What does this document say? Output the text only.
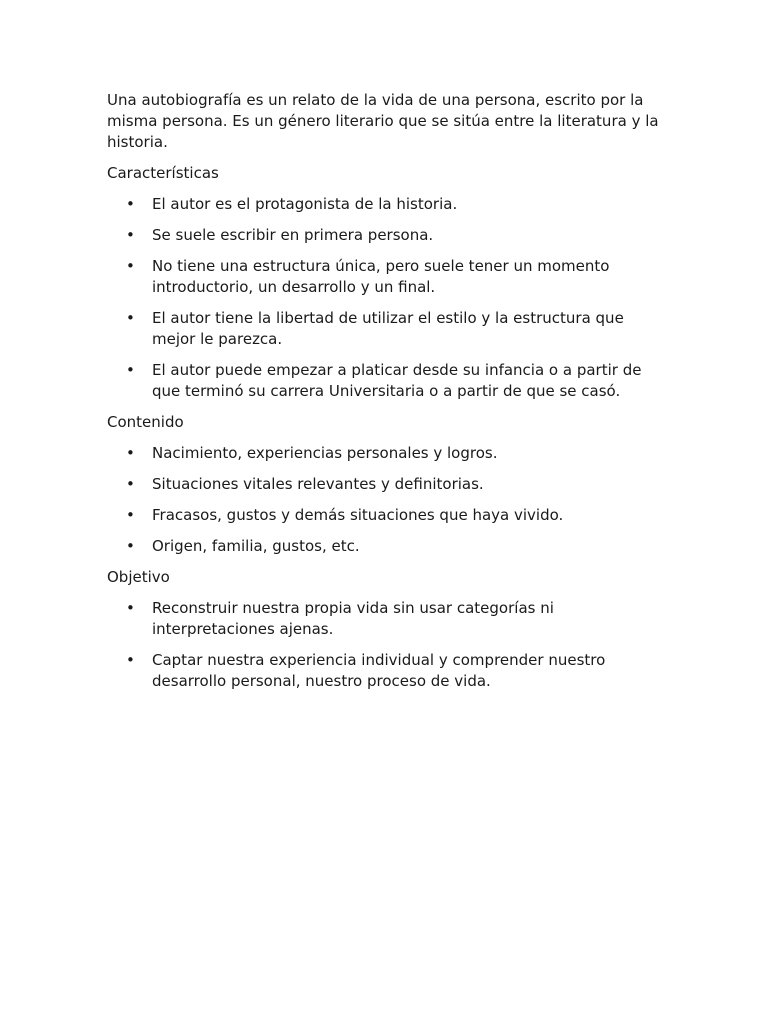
Una autobiografía es un relato de la vida de una persona, escrito por la misma persona. Es un género literario que se sitúa entre la literatura y la historia.

Características

• El autor es el protagonista de la historia.
• Se suele escribir en primera persona.
• No tiene una estructura única, pero suele tener un momento introductorio, un desarrollo y un final.
• El autor tiene la libertad de utilizar el estilo y la estructura que mejor le parezca.
• El autor puede empezar a platicar desde su infancia o a partir de que terminó su carrera Universitaria o a partir de que se casó.

Contenido

• Nacimiento, experiencias personales y logros.
• Situaciones vitales relevantes y definitorias.
• Fracasos, gustos y demás situaciones que haya vivido.
• Origen, familia, gustos, etc.

Objetivo

• Reconstruir nuestra propia vida sin usar categorías ni interpretaciones ajenas.
• Captar nuestra experiencia individual y comprender nuestro desarrollo personal, nuestro proceso de vida.
